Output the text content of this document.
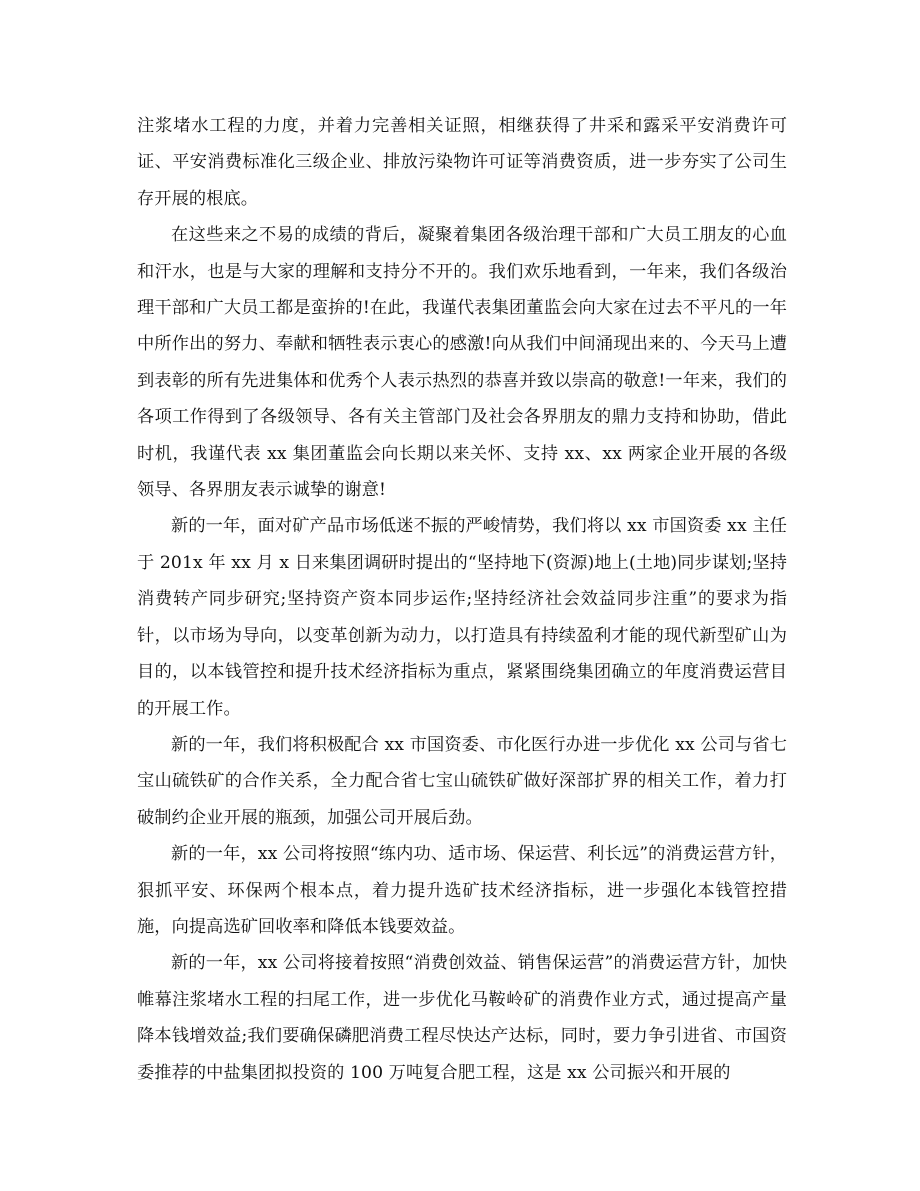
注浆堵水工程的力度，并着力完善相关证照，相继获得了井采和露采平安消费许可证、平安消费标准化三级企业、排放污染物许可证等消费资质，进一步夯实了公司生存开展的根底。

在这些来之不易的成绩的背后，凝聚着集团各级治理干部和广大员工朋友的心血和汗水，也是与大家的理解和支持分不开的。我们欢乐地看到，一年来，我们各级治理干部和广大员工都是蛮拚的!在此，我谨代表集团董监会向大家在过去不平凡的一年中所作出的努力、奉献和牺牲表示衷心的感激!向从我们中间涌现出来的、今天马上遭到表彰的所有先进集体和优秀个人表示热烈的恭喜并致以崇高的敬意!一年来，我们的各项工作得到了各级领导、各有关主管部门及社会各界朋友的鼎力支持和协助，借此时机，我谨代表 xx 集团董监会向长期以来关怀、支持 xx、xx 两家企业开展的各级领导、各界朋友表示诚挚的谢意!

新的一年，面对矿产品市场低迷不振的严峻情势，我们将以 xx 市国资委 xx 主任于 201x 年 xx 月 x 日来集团调研时提出的“坚持地下(资源)地上(土地)同步谋划;坚持消费转产同步研究;坚持资产资本同步运作;坚持经济社会效益同步注重”的要求为指针，以市场为导向，以变革创新为动力，以打造具有持续盈利才能的现代新型矿山为目的，以本钱管控和提升技术经济指标为重点，紧紧围绕集团确立的年度消费运营目的开展工作。

新的一年，我们将积极配合 xx 市国资委、市化医行办进一步优化 xx 公司与省七宝山硫铁矿的合作关系，全力配合省七宝山硫铁矿做好深部扩界的相关工作，着力打破制约企业开展的瓶颈，加强公司开展后劲。

新的一年，xx 公司将按照“练内功、适市场、保运营、利长远”的消费运营方针，狠抓平安、环保两个根本点，着力提升选矿技术经济指标，进一步强化本钱管控措施，向提高选矿回收率和降低本钱要效益。

新的一年，xx 公司将接着按照“消费创效益、销售保运营”的消费运营方针，加快帷幕注浆堵水工程的扫尾工作，进一步优化马鞍岭矿的消费作业方式，通过提高产量降本钱增效益;我们要确保磷肥消费工程尽快达产达标，同时，要力争引进省、市国资委推荐的中盐集团拟投资的 100 万吨复合肥工程，这是 xx 公司振兴和开展的
